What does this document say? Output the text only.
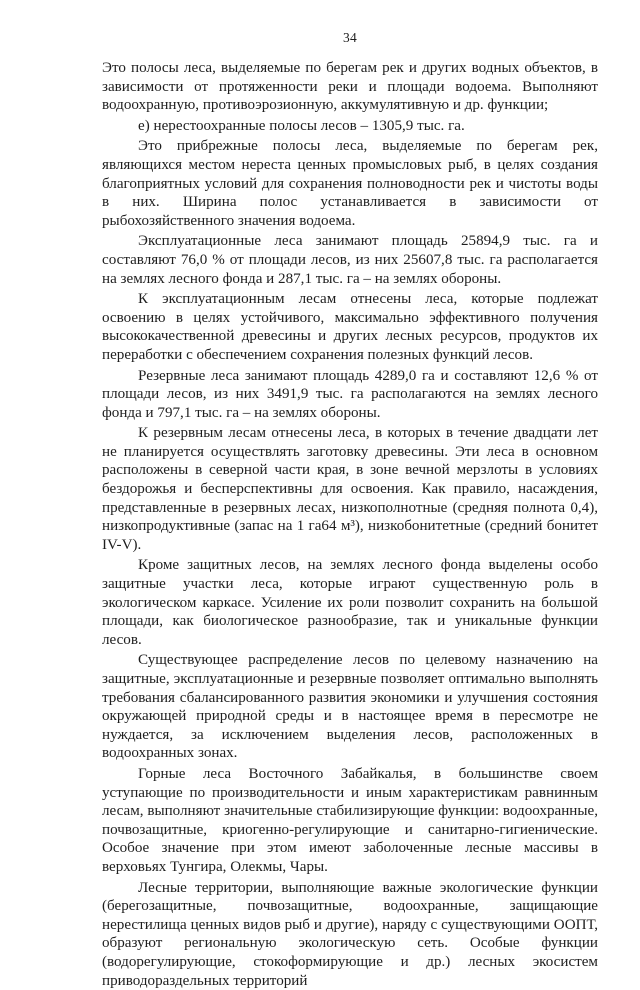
34

Это полосы леса, выделяемые по берегам рек и других водных объектов, в зависимости от протяженности реки и площади водоема. Выполняют водоохранную, противоэрозионную, аккумулятивную и др. функции;

е) нерестоохранные полосы лесов – 1305,9 тыс. га.

Это прибрежные полосы леса, выделяемые по берегам рек, являющихся местом нереста ценных промысловых рыб, в целях создания благоприятных условий для сохранения полноводности рек и чистоты воды в них. Ширина полос устанавливается в зависимости от рыбохозяйственного значения водоема.

Эксплуатационные леса занимают площадь 25894,9 тыс. га и составляют 76,0 % от площади лесов, из них 25607,8 тыс. га располагается на землях лесного фонда и 287,1 тыс. га – на землях обороны.

К эксплуатационным лесам отнесены леса, которые подлежат освоению в целях устойчивого, максимально эффективного получения высококачественной древесины и других лесных ресурсов, продуктов их переработки с обеспечением сохранения полезных функций лесов.

Резервные леса занимают площадь 4289,0 га и составляют 12,6 % от площади лесов, из них 3491,9 тыс. га располагаются на землях лесного фонда и 797,1 тыс. га – на землях обороны.

К резервным лесам отнесены леса, в которых в течение двадцати лет не планируется осуществлять заготовку древесины. Эти леса в основном расположены в северной части края, в зоне вечной мерзлоты в условиях бездорожья и бесперспективны для освоения. Как правило, насаждения, представленные в резервных лесах, низкополнотные (средняя полнота 0,4), низкопродуктивные (запас на 1 га64 м³), низкобонитетные (средний бонитет IV-V).

Кроме защитных лесов, на землях лесного фонда выделены особо защитные участки леса, которые играют существенную роль в экологическом каркасе. Усиление их роли позволит сохранить на большой площади, как биологическое разнообразие, так и уникальные функции лесов.

Существующее распределение лесов по целевому назначению на защитные, эксплуатационные и резервные позволяет оптимально выполнять требования сбалансированного развития экономики и улучшения состояния окружающей природной среды и в настоящее время в пересмотре не нуждается, за исключением выделения лесов, расположенных в водоохранных зонах.

Горные леса Восточного Забайкалья, в большинстве своем уступающие по производительности и иным характеристикам равнинным лесам, выполняют значительные стабилизирующие функции: водоохранные, почвозащитные, криогенно-регулирующие и санитарно-гигиенические. Особое значение при этом имеют заболоченные лесные массивы в верховьях Тунгира, Олекмы, Чары.

Лесные территории, выполняющие важные экологические функции (берегозащитные, почвозащитные, водоохранные, защищающие нерестилища ценных видов рыб и другие), наряду с существующими ООПТ, образуют региональную экологическую сеть. Особые функции (водорегулирующие, стокоформирующие и др.) лесных экосистем приводораздельных территорий
